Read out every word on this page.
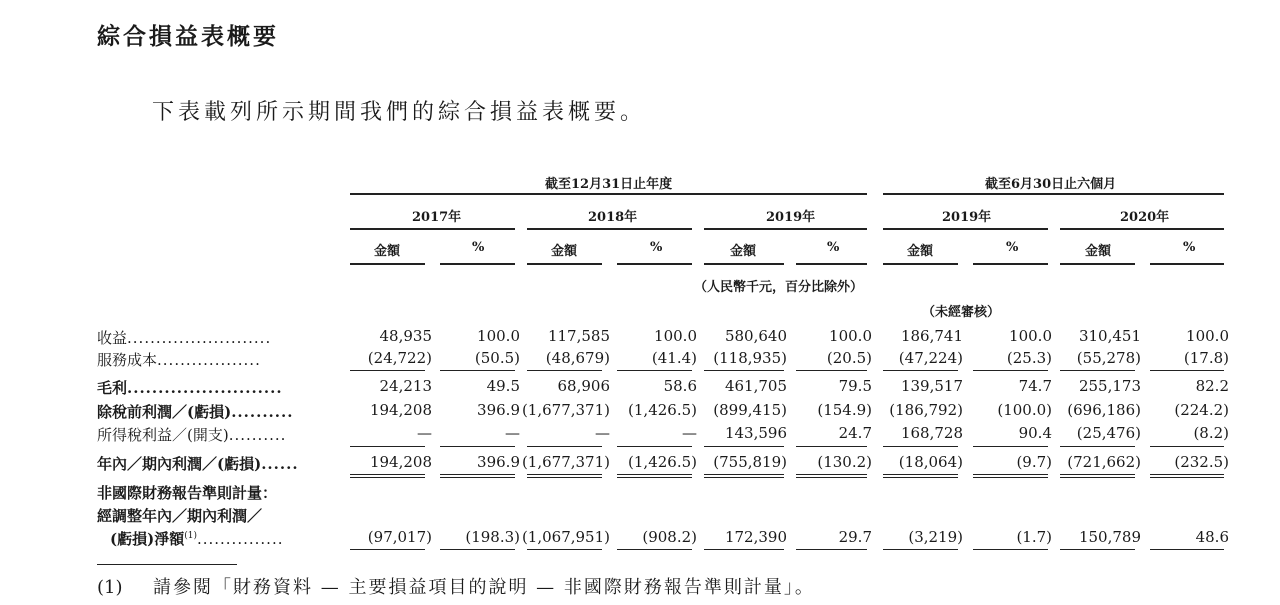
綜合損益表概要
下表載列所示期間我們的綜合損益表概要。
截至12月31日止年度	截至6月30日止六個月
2017年	2018年	2019年	2019年	2020年
金額	%	金額	%	金額	%	金額	%	金額	%
（人民幣千元，百分比除外）
（未經審核）
收益.........................	48,935	100.0 117,585	100.0 580,640	100.0 186,741	100.0 310,451	100.0
服務成本..................	(24,722)	(50.5) (48,679)	(41.4) (118,935)	(20.5) (47,224)	(25.3) (55,278)	(17.8)
毛利.........................	24,213	49.5	68,906	58.6 461,705	79.5 139,517	74.7 255,173	82.2
除稅前利潤／(虧損)..........	194,208	396.9 (1,677,371) (1,426.5) (899,415) (154.9) (186,792) (100.0) (696,186) (224.2)
所得稅利益／(開支)..........	—	—	—	— 143,596	24.7 168,728	90.4 (25,476)	(8.2)
年內／期內利潤／(虧損)......	194,208	396.9 (1,677,371) (1,426.5) (755,819) (130.2) (18,064)	(9.7) (721,662) (232.5)
非國際財務報告準則計量：
經調整年內／期內利潤／
(虧損)淨額$^{(1)}$...............	(97,017) (198.3) (1,067,951) (908.2) 172,390	29.7 (3,219)	(1.7) 150,789	48.6
(1) 請參閱「財務資料 — 主要損益項目的說明 — 非國際財務報告準則計量」。
